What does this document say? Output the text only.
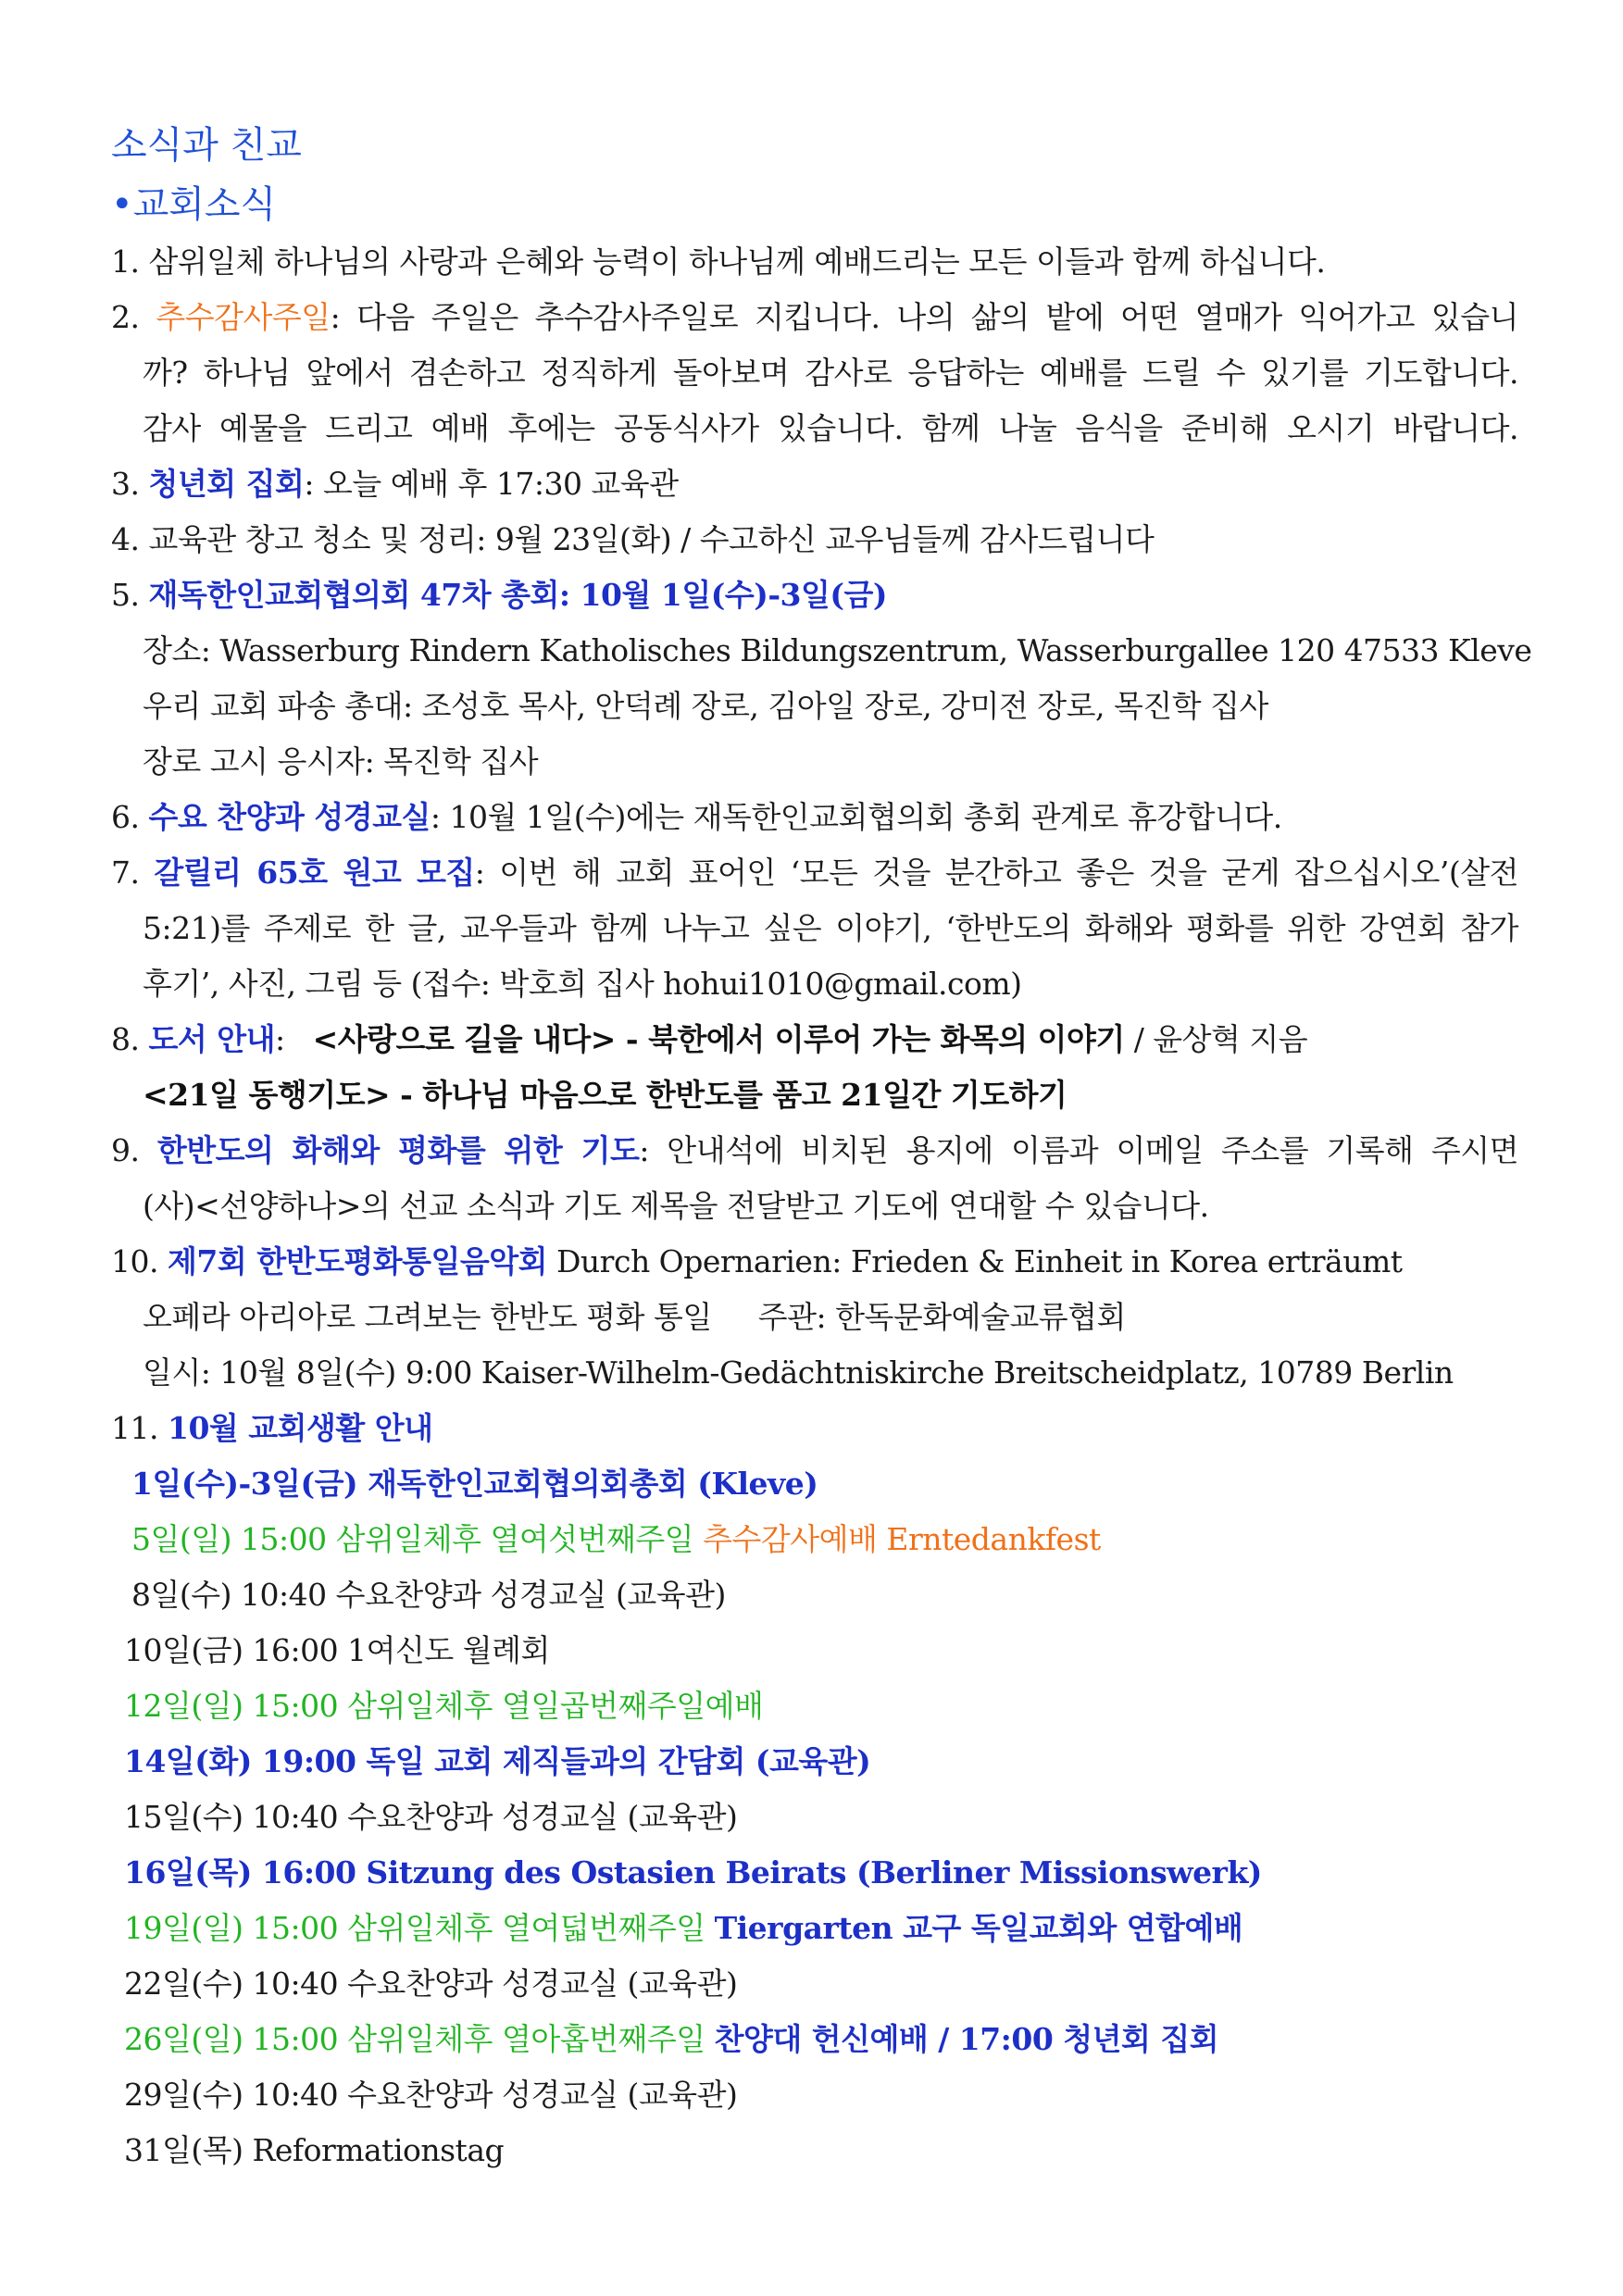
소식과 친교
•교회소식
1. 삼위일체 하나님의 사랑과 은혜와 능력이 하나님께 예배드리는 모든 이들과 함께 하십니다.
2. 추수감사주일: 다음 주일은 추수감사주일로 지킵니다. 나의 삶의 밭에 어떤 열매가 익어가고 있습니
까? 하나님 앞에서 겸손하고 정직하게 돌아보며 감사로 응답하는 예배를 드릴 수 있기를 기도합니다.
감사 예물을 드리고 예배 후에는 공동식사가 있습니다. 함께 나눌 음식을 준비해 오시기 바랍니다.
3. 청년회 집회: 오늘 예배 후 17:30 교육관
4. 교육관 창고 청소 및 정리: 9월 23일(화) / 수고하신 교우님들께 감사드립니다
5. 재독한인교회협의회 47차 총회: 10월 1일(수)-3일(금)
장소: Wasserburg Rindern Katholisches Bildungszentrum, Wasserburgallee 120 47533 Kleve
우리 교회 파송 총대: 조성호 목사, 안덕례 장로, 김아일 장로, 강미전 장로, 목진학 집사
장로 고시 응시자: 목진학 집사
6. 수요 찬양과 성경교실: 10월 1일(수)에는 재독한인교회협의회 총회 관계로 휴강합니다.
7. 갈릴리 65호 원고 모집: 이번 해 교회 표어인 ‘모든 것을 분간하고 좋은 것을 굳게 잡으십시오’(살전
5:21)를 주제로 한 글, 교우들과 함께 나누고 싶은 이야기, ‘한반도의 화해와 평화를 위한 강연회 참가
후기’, 사진, 그림 등 (접수: 박호희 집사 hohui1010@gmail.com)
8. 도서 안내:   <사랑으로 길을 내다> - 북한에서 이루어 가는 화목의 이야기 / 윤상혁 지음
<21일 동행기도> - 하나님 마음으로 한반도를 품고 21일간 기도하기
9. 한반도의 화해와 평화를 위한 기도: 안내석에 비치된 용지에 이름과 이메일 주소를 기록해 주시면
(사)<선양하나>의 선교 소식과 기도 제목을 전달받고 기도에 연대할 수 있습니다.
10. 제7회 한반도평화통일음악회 Durch Opernarien: Frieden & Einheit in Korea erträumt
오페라 아리아로 그려보는 한반도 평화 통일     주관: 한독문화예술교류협회
일시: 10월 8일(수) 9:00 Kaiser-Wilhelm-Gedächtniskirche Breitscheidplatz, 10789 Berlin
11. 10월 교회생활 안내
1일(수)-3일(금) 재독한인교회협의회총회 (Kleve)
5일(일) 15:00 삼위일체후 열여섯번째주일 추수감사예배 Erntedankfest
8일(수) 10:40 수요찬양과 성경교실 (교육관)
10일(금) 16:00 1여신도 월례회
12일(일) 15:00 삼위일체후 열일곱번째주일예배
14일(화) 19:00 독일 교회 제직들과의 간담회 (교육관)
15일(수) 10:40 수요찬양과 성경교실 (교육관)
16일(목) 16:00 Sitzung des Ostasien Beirats (Berliner Missionswerk)
19일(일) 15:00 삼위일체후 열여덟번째주일 Tiergarten 교구 독일교회와 연합예배
22일(수) 10:40 수요찬양과 성경교실 (교육관)
26일(일) 15:00 삼위일체후 열아홉번째주일 찬양대 헌신예배 / 17:00 청년회 집회
29일(수) 10:40 수요찬양과 성경교실 (교육관)
31일(목) Reformationstag
